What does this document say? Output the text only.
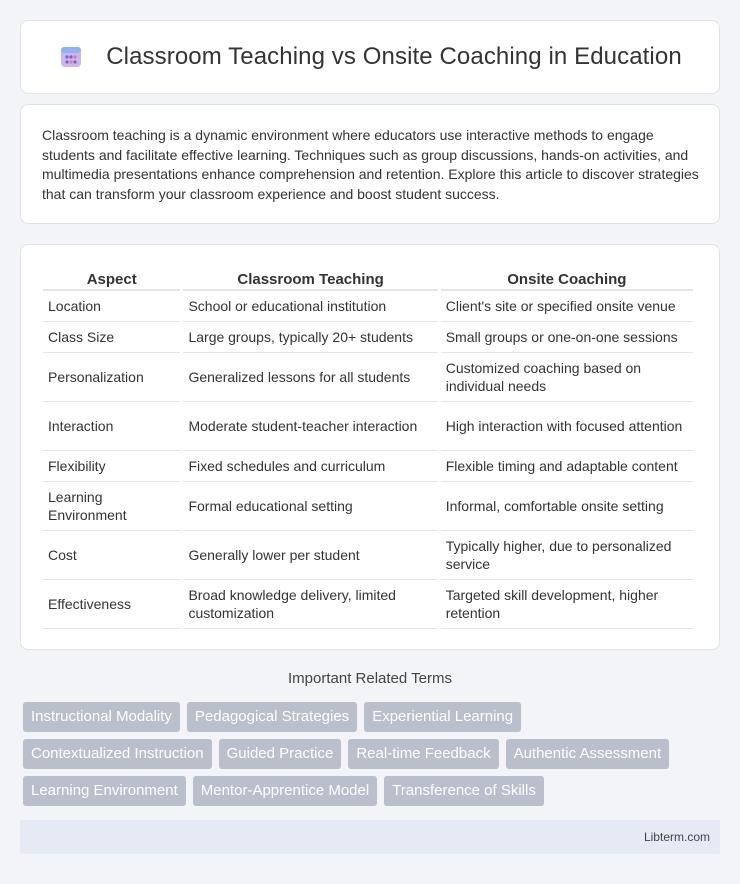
Classroom Teaching vs Onsite Coaching in Education

Classroom teaching is a dynamic environment where educators use interactive methods to engage students and facilitate effective learning. Techniques such as group discussions, hands-on activities, and multimedia presentations enhance comprehension and retention. Explore this article to discover strategies that can transform your classroom experience and boost student success.

Aspect	Classroom Teaching	Onsite Coaching
Location	School or educational institution	Client's site or specified onsite venue
Class Size	Large groups, typically 20+ students	Small groups or one-on-one sessions
Personalization	Generalized lessons for all students	Customized coaching based on individual needs
Interaction	Moderate student-teacher interaction	High interaction with focused attention
Flexibility	Fixed schedules and curriculum	Flexible timing and adaptable content
Learning Environment	Formal educational setting	Informal, comfortable onsite setting
Cost	Generally lower per student	Typically higher, due to personalized service
Effectiveness	Broad knowledge delivery, limited customization	Targeted skill development, higher retention
Important Related Terms
Instructional Modality	Pedagogical Strategies	Experiential Learning
Contextualized Instruction	Guided Practice	Real-time Feedback	Authentic Assessment
Learning Environment	Mentor-Apprentice Model	Transference of Skills
Libterm.com
